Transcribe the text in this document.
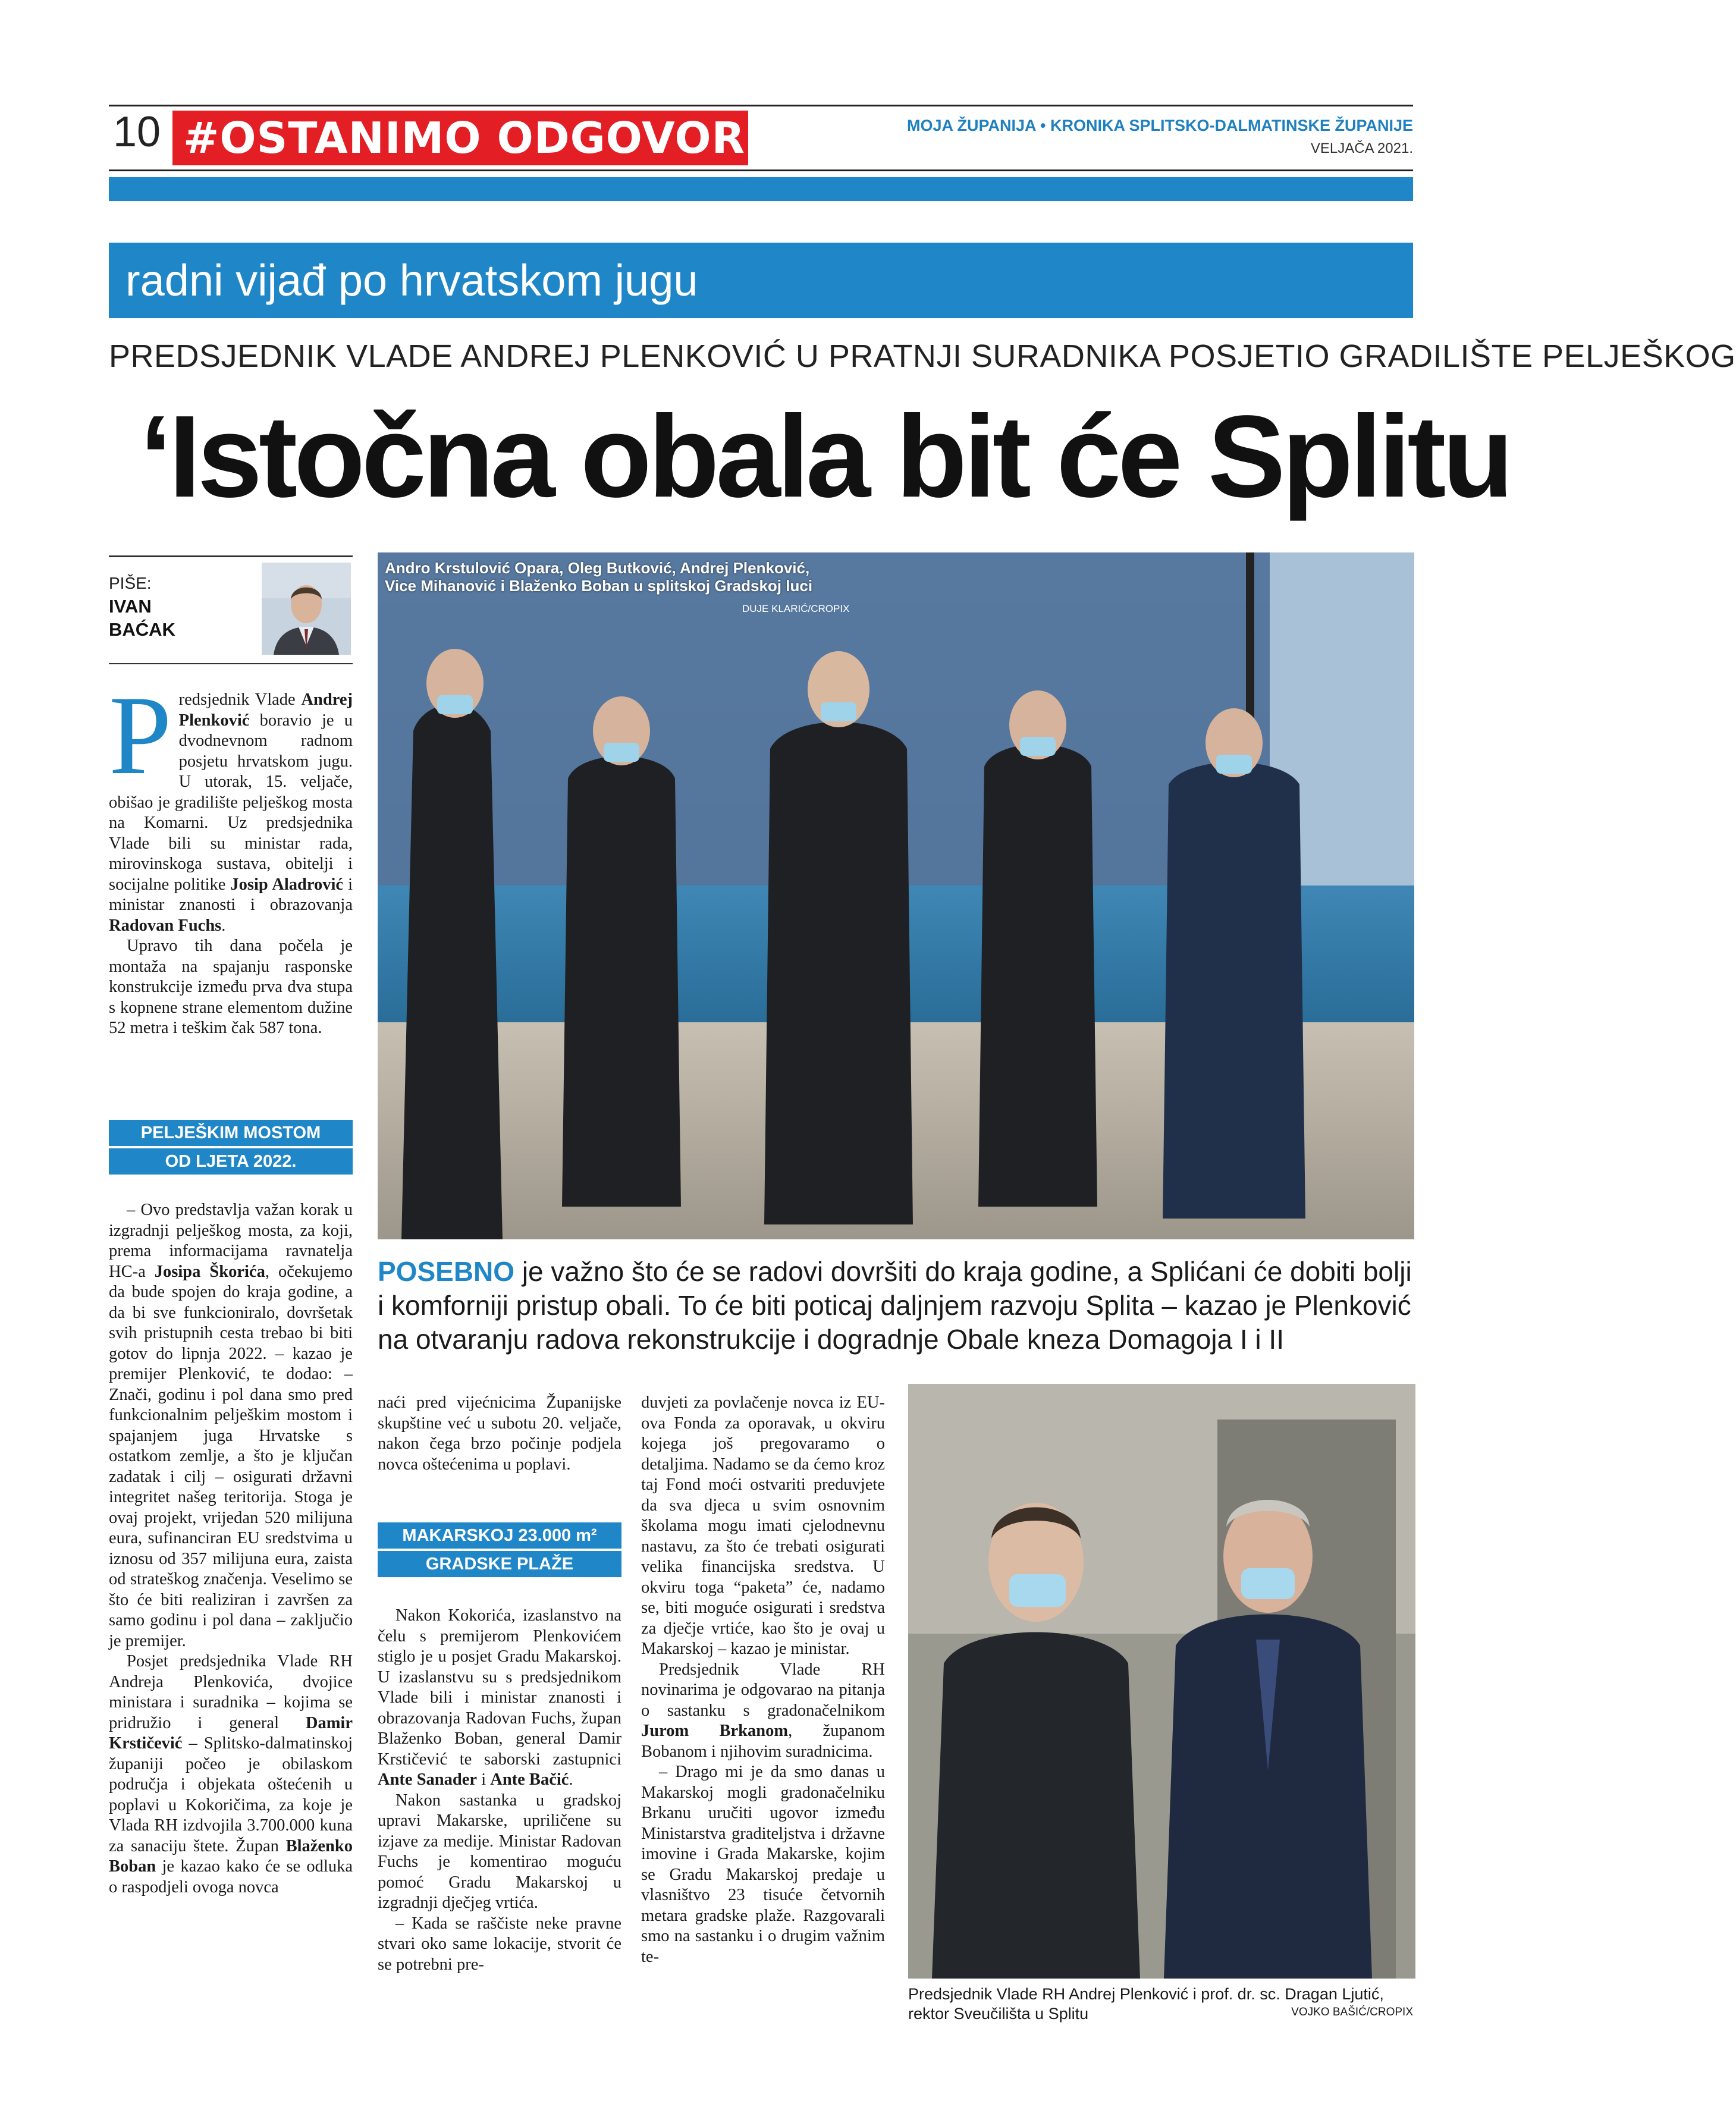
10 #OSTANIMO ODGOVORNI	MOJA ŽUPANIJA • KRONIKA SPLITSKO-DALMATINSKE ŽUPANIJE
VELJAČA 2021.
radni vijađ po hrvatskom jugu
PREDSJEDNIK VLADE ANDREJ PLENKOVIĆ U PRATNJI SURADNIKA POSJETIO GRADILIŠTE PELJEŠKOG
‘Istočna obala bit će Splitu
PIŠE:
IVAN
BAĆAK

Predsjednik Vlade Andrej Plenković boravio je u dvodnevnom radnom posjetu hrvatskom jugu. U utorak, 15. veljače, obišao je gradilište pelješkog mosta na Komarni. Uz predsjednika Vlade bili su ministar rada, mirovinskoga sustava, obitelji i socijalne politike Josip Aladrović i ministar znanosti i obrazovanja Radovan Fuchs.

Upravo tih dana počela je montaža na spajanju rasponske konstrukcije između prva dva stupa s kopnene strane elementom dužine 52 metra i teškim čak 587 tona.

PELJEŠKIM MOSTOM
OD LJETA 2022.

– Ovo predstavlja važan korak u izgradnji pelješkog mosta, za koji, prema informacijama ravnatelja HC-a Josipa Škorića, očekujemo da bude spojen do kraja godine, a da bi sve funkcioniralo, dovršetak svih pristupnih cesta trebao bi biti gotov do lipnja 2022. – kazao je premijer Plenković, te dodao: – Znači, godinu i pol dana smo pred funkcionalnim pelješkim mostom i spajanjem juga Hrvatske s ostatkom zemlje, a što je ključan zadatak i cilj – osigurati državni integritet našeg teritorija. Stoga je ovaj projekt, vrijedan 520 milijuna eura, sufinanciran EU sredstvima u iznosu od 357 milijuna eura, zaista od strateškog značenja. Veselimo se što će biti realiziran i završen za samo godinu i pol dana – zaključio je premijer.

Posjet predsjednika Vlade RH Andreja Plenkovića, dvojice ministara i suradnika – kojima se pridružio i general Damir Krstičević – Splitsko-dalmatinskoj županiji počeo je obilaskom područja i objekata oštećenih u poplavi u Kokoričima, za koje je Vlada RH izdvojila 3.700.000 kuna za sanaciju štete. Župan Blaženko Boban je kazao kako će se odluka o raspodjeli ovoga novca

Andro Krstulović Opara, Oleg Butković, Andrej Plenković,
Vice Mihanović i Blaženko Boban u splitskoj Gradskoj luci
DUJE KLARIĆ/CROPIX
POSEBNO je važno što će se radovi dovršiti do kraja godine, a Splićani će dobiti bolji i komforniji pristup obali. To će biti poticaj daljnjem razvoju Splita – kazao je Plenković na otvaranju radova rekonstrukcije i dogradnje Obale kneza Domagoja I i II

naći pred vijećnicima Županijske skupštine već u subotu 20. veljače, nakon čega brzo počinje podjela novca oštećenima u poplavi.

MAKARSKOJ 23.000 m²
GRADSKE PLAŽE

Nakon Kokorića, izaslanstvo na čelu s premijerom Plenkovićem stiglo je u posjet Gradu Makarskoj. U izaslanstvu su s predsjednikom Vlade bili i ministar znanosti i obrazovanja Radovan Fuchs, župan Blaženko Boban, general Damir Krstičević te saborski zastupnici Ante Sanader i Ante Bačić.

Nakon sastanka u gradskoj upravi Makarske, upriličene su izjave za medije. Ministar Radovan Fuchs je komentirao moguću pomoć Gradu Makarskoj u izgradnji dječjeg vrtića.

– Kada se raščiste neke pravne stvari oko same lokacije, stvorit će se potrebni pre-

duvjeti za povlačenje novca iz EU-ova Fonda za oporavak, u okviru kojega još pregovaramo o detaljima. Nadamo se da ćemo kroz taj Fond moći ostvariti preduvjete da sva djeca u svim osnovnim školama mogu imati cjelodnevnu nastavu, za što će trebati osigurati velika financijska sredstva. U okviru toga “paketa” će, nadamo se, biti moguće osigurati i sredstva za dječje vrtiće, kao što je ovaj u Makarskoj – kazao je ministar.

Predsjednik Vlade RH novinarima je odgovarao na pitanja o sastanku s gradonačelnikom Jurom Brkanom, županom Bobanom i njihovim suradnicima.

– Drago mi je da smo danas u Makarskoj mogli gradonačelniku Brkanu uručiti ugovor između Ministarstva graditeljstva i državne imovine i Grada Makarske, kojim se Gradu Makarskoj predaje u vlasništvo 23 tisuće četvornih metara gradske plaže. Razgovarali smo na sastanku i o drugim važnim te-

Predsjednik Vlade RH Andrej Plenković i prof. dr. sc. Dragan Ljutić, rektor Sveučilišta u Splitu	VOJKO BAŠIĆ/CROPIX
